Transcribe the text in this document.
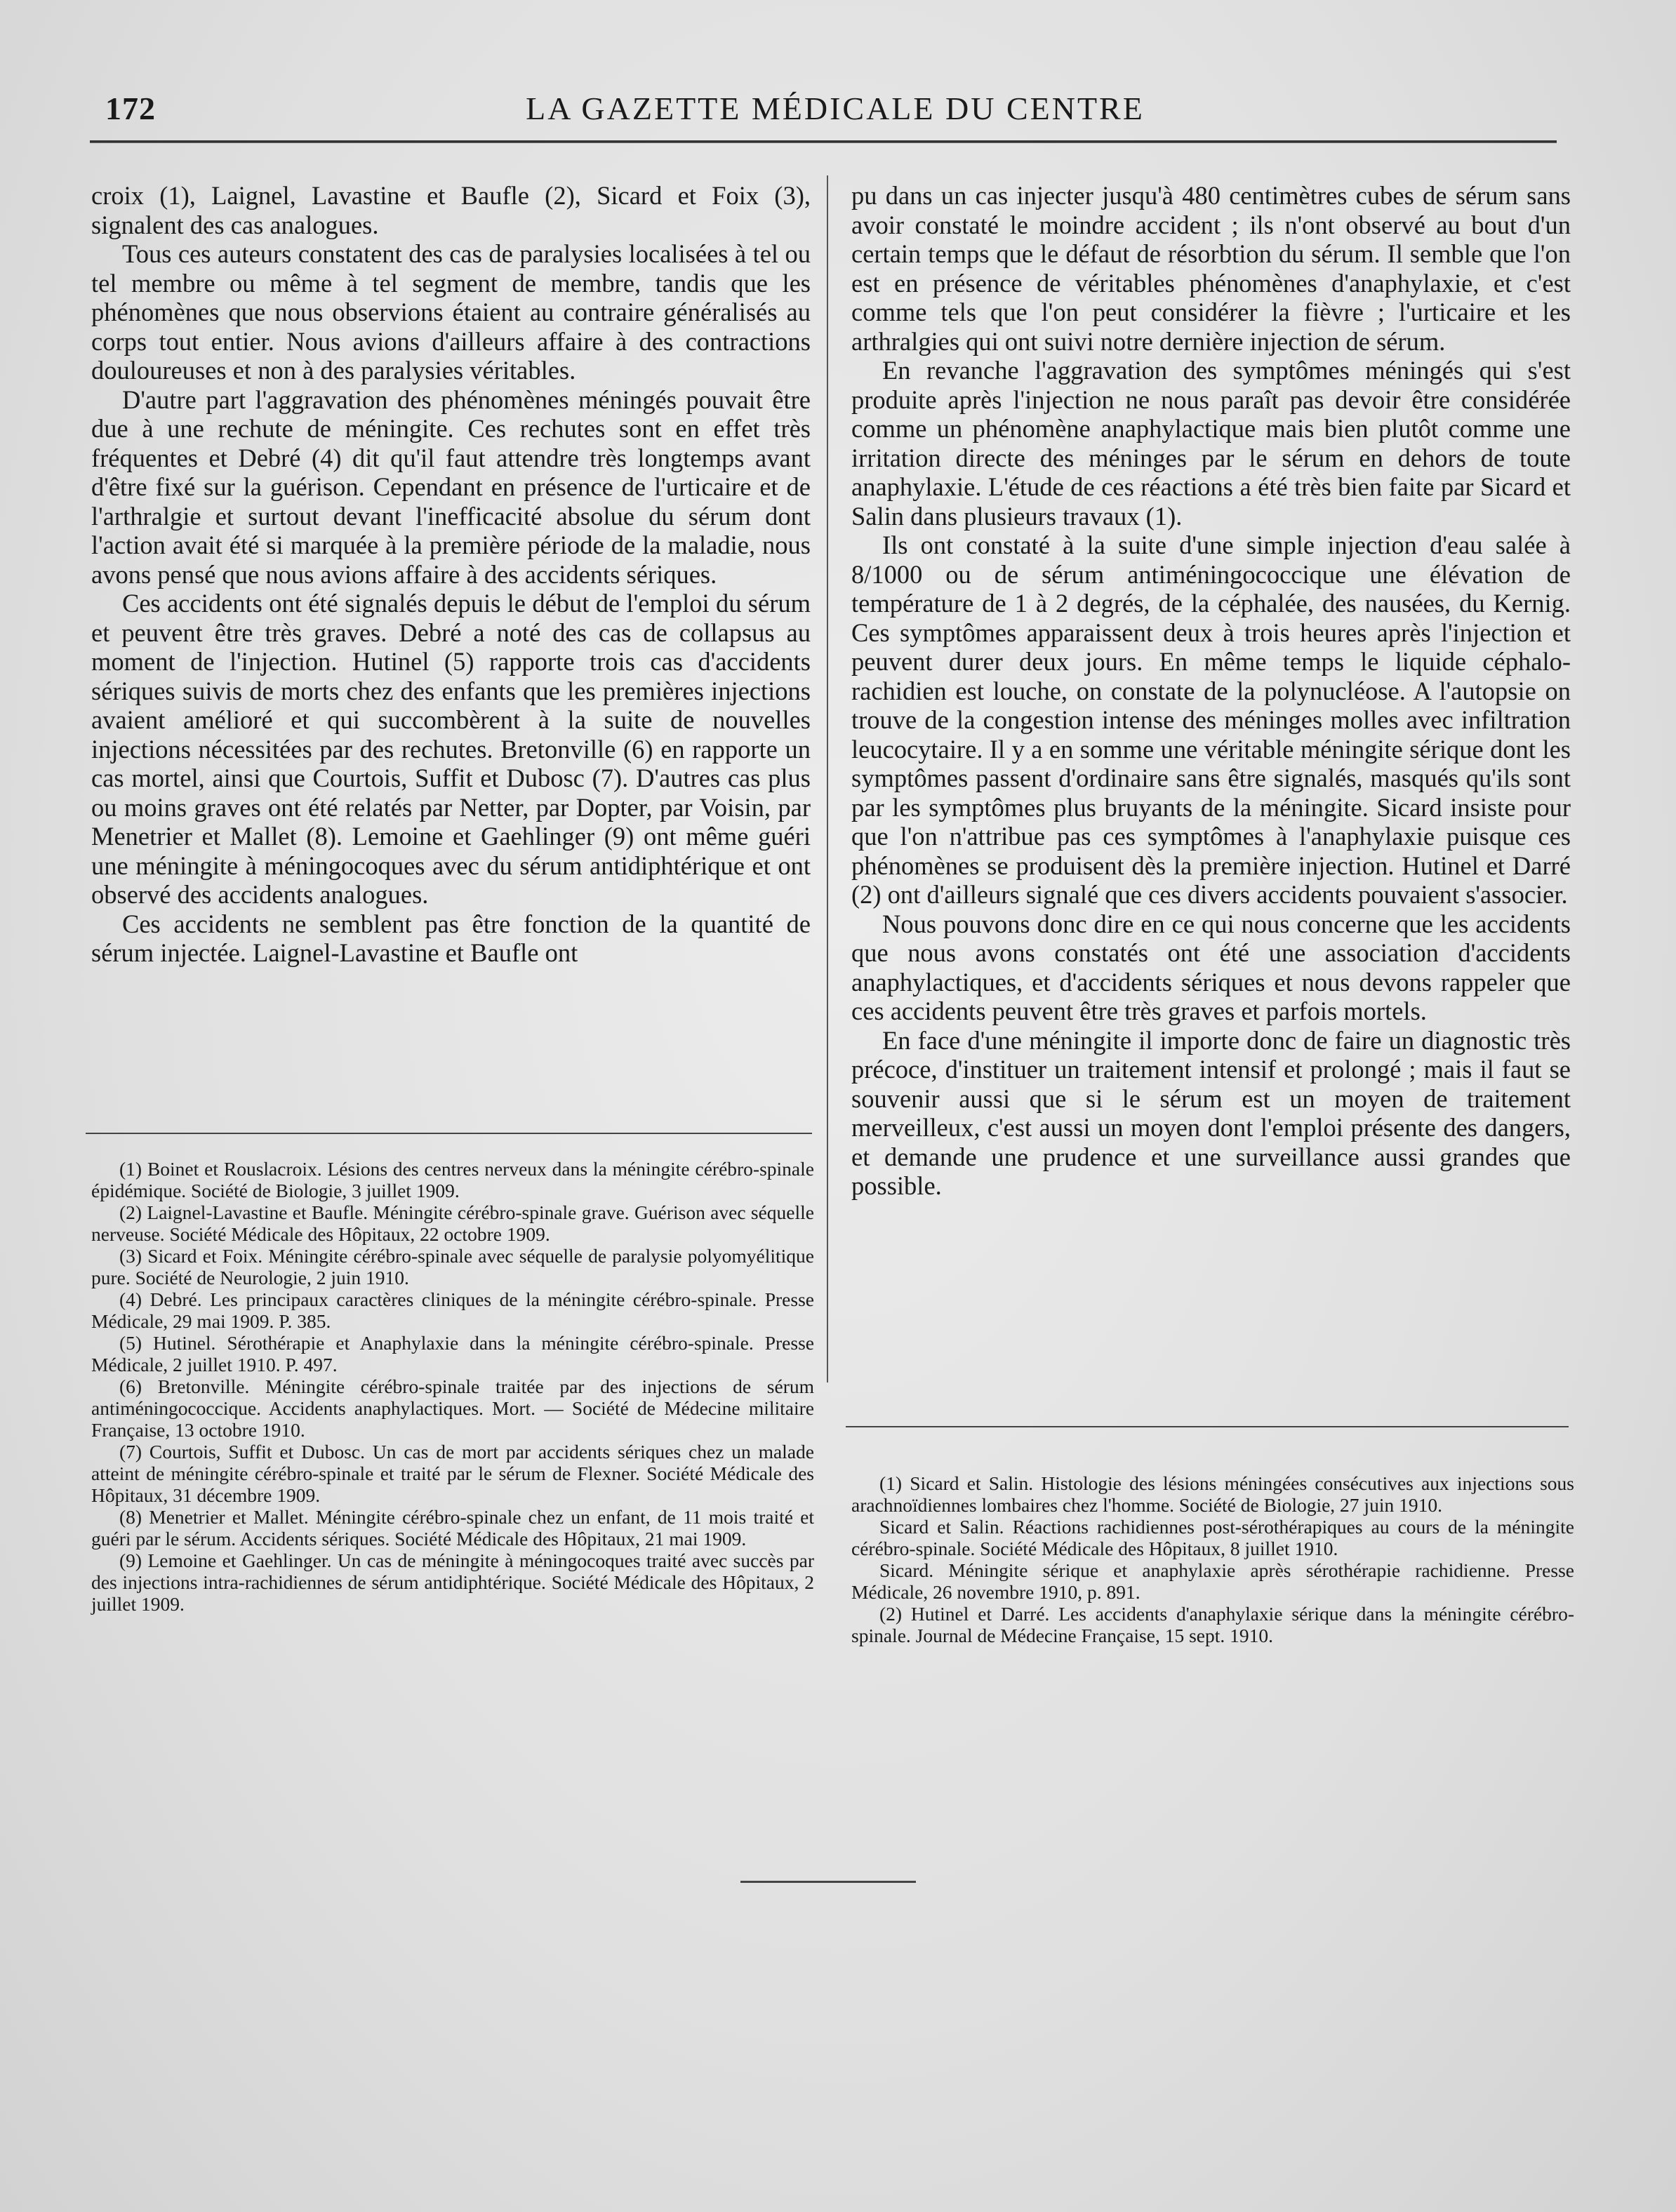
172	LA GAZETTE MÉDICALE DU CENTRE

croix (1), Laignel, Lavastine et Baufle (2), Sicard et Foix (3), signalent des cas analogues.

Tous ces auteurs constatent des cas de paralysies localisées à tel ou tel membre ou même à tel segment de membre, tandis que les phénomènes que nous observions étaient au contraire généralisés au corps tout entier. Nous avions d'ailleurs affaire à des contractions douloureuses et non à des paralysies véritables.

D'autre part l'aggravation des phénomènes méningés pouvait être due à une rechute de méningite. Ces rechutes sont en effet très fréquentes et Debré (4) dit qu'il faut attendre très longtemps avant d'être fixé sur la guérison. Cependant en présence de l'urticaire et de l'arthralgie et surtout devant l'inefficacité absolue du sérum dont l'action avait été si marquée à la première période de la maladie, nous avons pensé que nous avions affaire à des accidents sériques.

Ces accidents ont été signalés depuis le début de l'emploi du sérum et peuvent être très graves. Debré a noté des cas de collapsus au moment de l'injection. Hutinel (5) rapporte trois cas d'accidents sériques suivis de morts chez des enfants que les premières injections avaient amélioré et qui succombèrent à la suite de nouvelles injections nécessitées par des rechutes. Bretonville (6) en rapporte un cas mortel, ainsi que Courtois, Suffit et Dubosc (7). D'autres cas plus ou moins graves ont été relatés par Netter, par Dopter, par Voisin, par Menetrier et Mallet (8). Lemoine et Gaehlinger (9) ont même guéri une méningite à méningocoques avec du sérum antidiphtérique et ont observé des accidents analogues.

Ces accidents ne semblent pas être fonction de la quantité de sérum injectée. Laignel-Lavastine et Baufle ont

pu dans un cas injecter jusqu'à 480 centimètres cubes de sérum sans avoir constaté le moindre accident ; ils n'ont observé au bout d'un certain temps que le défaut de résorbtion du sérum. Il semble que l'on est en présence de véritables phénomènes d'anaphylaxie, et c'est comme tels que l'on peut considérer la fièvre ; l'urticaire et les arthralgies qui ont suivi notre dernière injection de sérum.

En revanche l'aggravation des symptômes méningés qui s'est produite après l'injection ne nous paraît pas devoir être considérée comme un phénomène anaphylactique mais bien plutôt comme une irritation directe des méninges par le sérum en dehors de toute anaphylaxie. L'étude de ces réactions a été très bien faite par Sicard et Salin dans plusieurs travaux (1).

Ils ont constaté à la suite d'une simple injection d'eau salée à 8/1000 ou de sérum antiméningococcique une élévation de température de 1 à 2 degrés, de la céphalée, des nausées, du Kernig. Ces symptômes apparaissent deux à trois heures après l'injection et peuvent durer deux jours. En même temps le liquide céphalo-rachidien est louche, on constate de la polynucléose. A l'autopsie on trouve de la congestion intense des méninges molles avec infiltration leucocytaire. Il y a en somme une véritable méningite sérique dont les symptômes passent d'ordinaire sans être signalés, masqués qu'ils sont par les symptômes plus bruyants de la méningite. Sicard insiste pour que l'on n'attribue pas ces symptômes à l'anaphylaxie puisque ces phénomènes se produisent dès la première injection. Hutinel et Darré (2) ont d'ailleurs signalé que ces divers accidents pouvaient s'associer.

Nous pouvons donc dire en ce qui nous concerne que les accidents que nous avons constatés ont été une association d'accidents anaphylactiques, et d'accidents sériques et nous devons rappeler que ces accidents peuvent être très graves et parfois mortels.

En face d'une méningite il importe donc de faire un diagnostic très précoce, d'instituer un traitement intensif et prolongé ; mais il faut se souvenir aussi que si le sérum est un moyen de traitement merveilleux, c'est aussi un moyen dont l'emploi présente des dangers, et demande une prudence et une surveillance aussi grandes que possible.

(1) Boinet et Rouslacroix. Lésions des centres nerveux dans la méningite cérébro-spinale épidémique. Société de Biologie, 3 juillet 1909.

(2) Laignel-Lavastine et Baufle. Méningite cérébro-spinale grave. Guérison avec séquelle nerveuse. Société Médicale des Hôpitaux, 22 octobre 1909.

(3) Sicard et Foix. Méningite cérébro-spinale avec séquelle de paralysie polyomyélitique pure. Société de Neurologie, 2 juin 1910.

(4) Debré. Les principaux caractères cliniques de la méningite cérébro-spinale. Presse Médicale, 29 mai 1909. P. 385.

(5) Hutinel. Sérothérapie et Anaphylaxie dans la méningite cérébro-spinale. Presse Médicale, 2 juillet 1910. P. 497.

(6) Bretonville. Méningite cérébro-spinale traitée par des injections de sérum antiméningococcique. Accidents anaphylactiques. Mort. — Société de Médecine militaire Française, 13 octobre 1910.

(7) Courtois, Suffit et Dubosc. Un cas de mort par accidents sériques chez un malade atteint de méningite cérébro-spinale et traité par le sérum de Flexner. Société Médicale des Hôpitaux, 31 décembre 1909.

(8) Menetrier et Mallet. Méningite cérébro-spinale chez un enfant, de 11 mois traité et guéri par le sérum. Accidents sériques. Société Médicale des Hôpitaux, 21 mai 1909.

(9) Lemoine et Gaehlinger. Un cas de méningite à méningocoques traité avec succès par des injections intra-rachidiennes de sérum antidiphtérique. Société Médicale des Hôpitaux, 2 juillet 1909.

(1) Sicard et Salin. Histologie des lésions méningées consécutives aux injections sous arachnoïdiennes lombaires chez l'homme. Société de Biologie, 27 juin 1910.

Sicard et Salin. Réactions rachidiennes post-sérothérapiques au cours de la méningite cérébro-spinale. Société Médicale des Hôpitaux, 8 juillet 1910.

Sicard. Méningite sérique et anaphylaxie après sérothérapie rachidienne. Presse Médicale, 26 novembre 1910, p. 891.

(2) Hutinel et Darré. Les accidents d'anaphylaxie sérique dans la méningite cérébro-spinale. Journal de Médecine Française, 15 sept. 1910.
